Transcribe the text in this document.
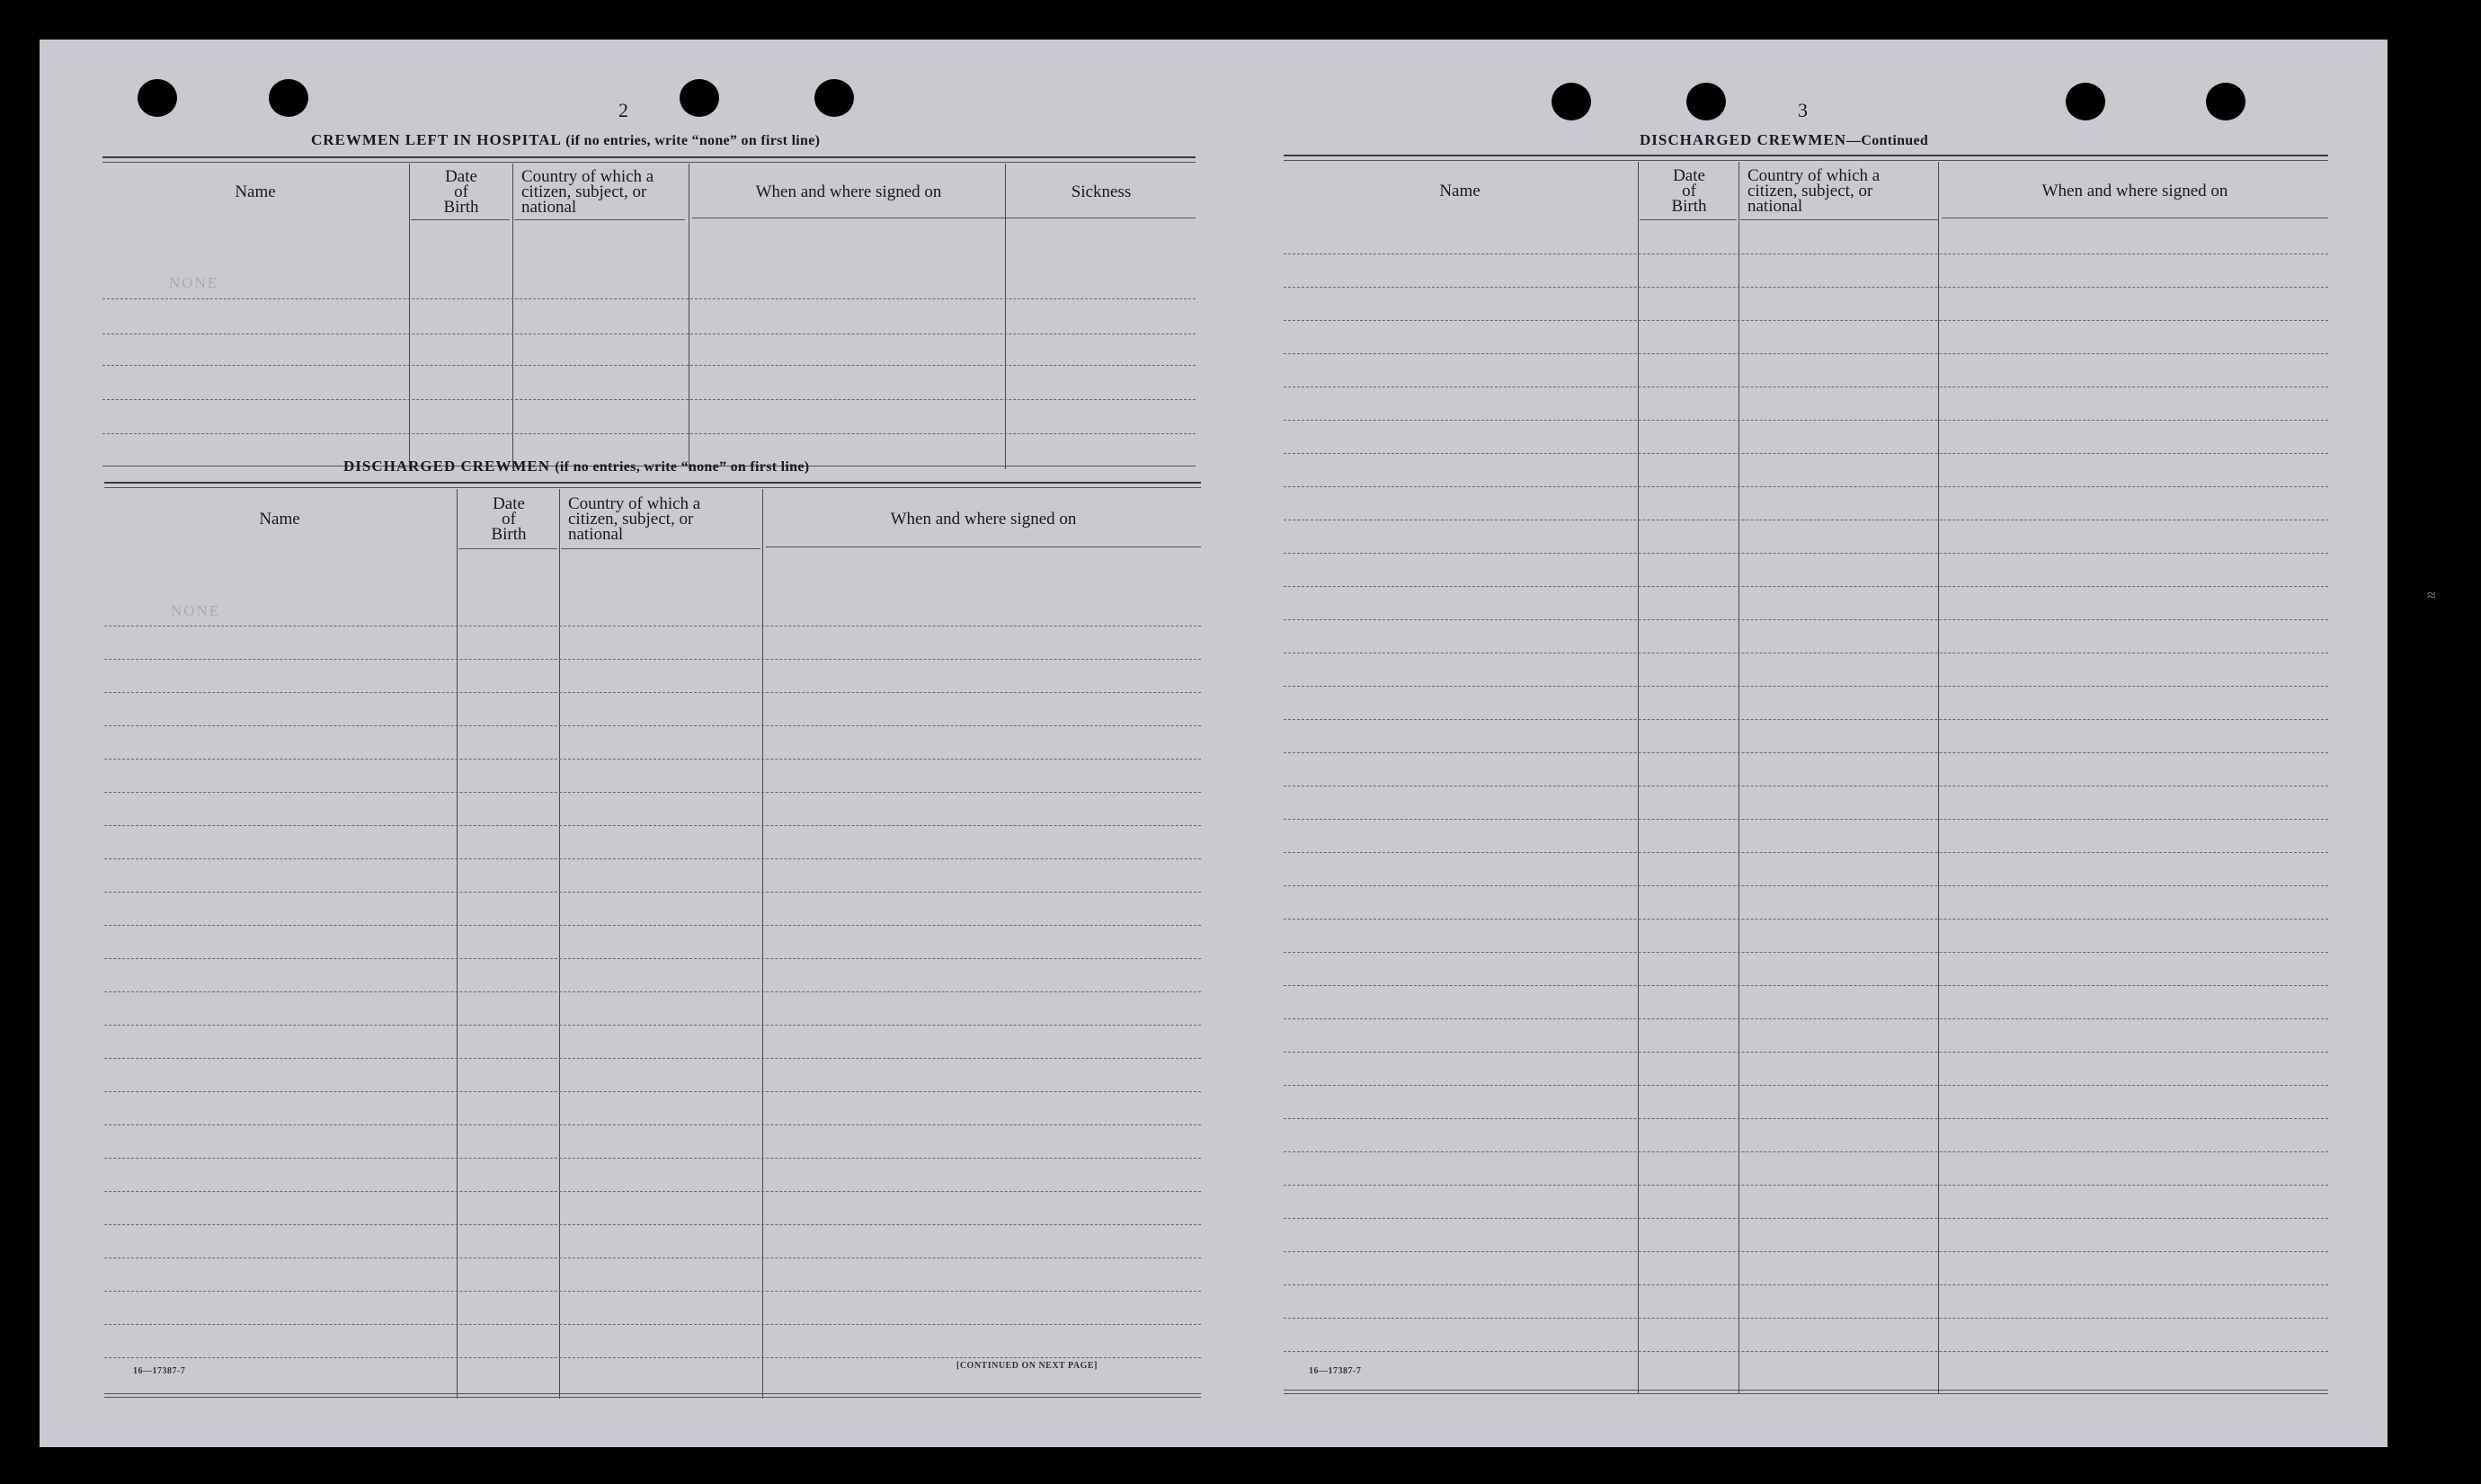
2
CREWMEN LEFT IN HOSPITAL (if no entries, write “none” on first line)
Name
Date
of
Birth
Country of which a
citizen, subject, or
national
When and where signed on	Sickness
NONE
DISCHARGED CREWMEN (if no entries, write “none” on first line)
Name
Date
of
Birth
Country of which a
citizen, subject, or
national
When and where signed on
NONE
16—17387-7
[CONTINUED ON NEXT PAGE]
3
DISCHARGED CREWMEN—Continued
Name
Date
of
Birth
Country of which a
citizen, subject, or
national
When and where signed on
16—17387-7
≈
